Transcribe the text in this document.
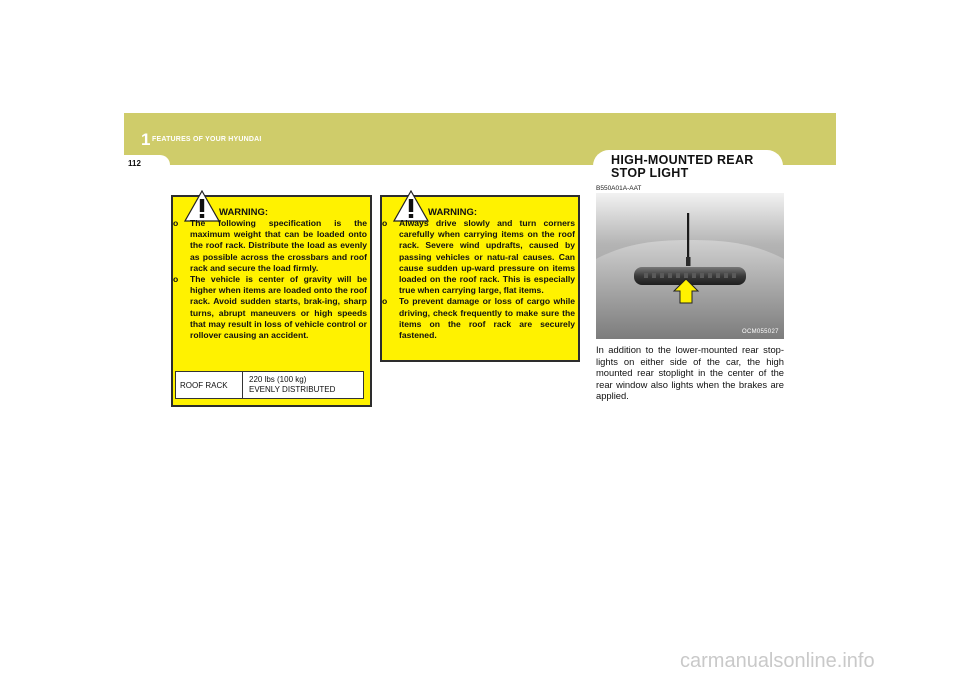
1 FEATURES OF YOUR HYUNDAI
112	HIGH-MOUNTED REAR
STOP LIGHT
B550A01A-AAT
WARNING:
o The following specification is the maximum weight that can be loaded onto the roof rack. Distribute the load as evenly as possible across the crossbars and roof rack and secure the load firmly.
o The vehicle is center of gravity will be higher when items are loaded onto the roof rack. Avoid sudden starts, brak-ing, sharp turns, abrupt maneuvers or high speeds that may result in loss of vehicle control or rollover causing an accident.
ROOF RACK
220 lbs (100 kg)
EVENLY DISTRIBUTED
WARNING:
o Always drive slowly and turn corners carefully when carrying items on the roof rack. Severe wind updrafts, caused by passing vehicles or natu-ral causes. Can cause sudden up-ward pressure on items loaded on the roof rack. This is especially true when carrying large, flat items.
o To prevent damage or loss of cargo while driving, check frequently to make sure the items on the roof rack are securely fastened.	OCM055027
In addition to the lower-mounted rear stop-lights on either side of the car, the high mounted rear stoplight in the center of the rear window also lights when the brakes are applied.
carmanualsonline.info
